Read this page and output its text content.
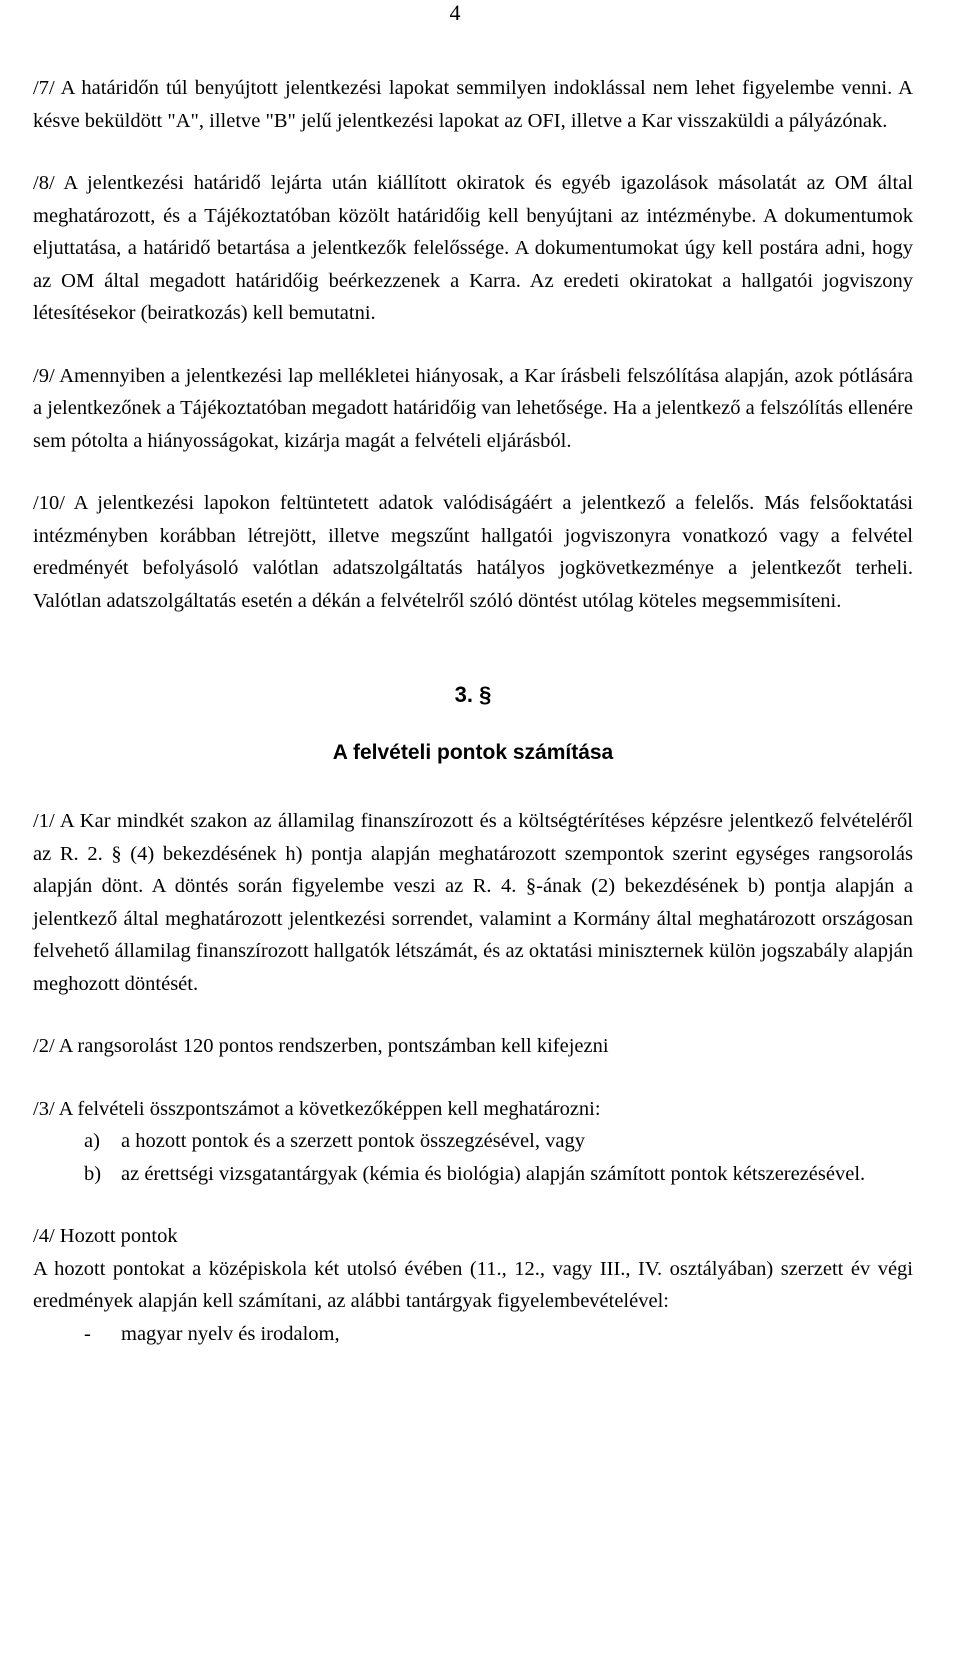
4

/7/ A határidőn túl benyújtott jelentkezési lapokat semmilyen indoklással nem lehet figyelembe venni. A késve beküldött "A", illetve "B" jelű jelentkezési lapokat az OFI, illetve a Kar visszaküldi a pályázónak.

/8/ A jelentkezési határidő lejárta után kiállított okiratok és egyéb igazolások másolatát az OM által meghatározott, és a Tájékoztatóban közölt határidőig kell benyújtani az intézménybe. A dokumentumok eljuttatása, a határidő betartása a jelentkezők felelőssége. A dokumentumokat úgy kell postára adni, hogy az OM által megadott határidőig beérkezzenek a Karra. Az eredeti okiratokat a hallgatói jogviszony létesítésekor (beiratkozás) kell bemutatni.

/9/ Amennyiben a jelentkezési lap mellékletei hiányosak, a Kar írásbeli felszólítása alapján, azok pótlására a jelentkezőnek a Tájékoztatóban megadott határidőig van lehetősége. Ha a jelentkező a felszólítás ellenére sem pótolta a hiányosságokat, kizárja magát a felvételi eljárásból.

/10/ A jelentkezési lapokon feltüntetett adatok valódiságáért a jelentkező a felelős. Más felsőoktatási intézményben korábban létrejött, illetve megszűnt hallgatói jogviszonyra vonatkozó vagy a felvétel eredményét befolyásoló valótlan adatszolgáltatás hatályos jogkövetkezménye a jelentkezőt terheli. Valótlan adatszolgáltatás esetén a dékán a felvételről szóló döntést utólag köteles megsemmisíteni.

3. §
A felvételi pontok számítása

/1/ A Kar mindkét szakon az államilag finanszírozott és a költségtérítéses képzésre jelentkező felvételéről az R. 2. § (4) bekezdésének h) pontja alapján meghatározott szempontok szerint egységes rangsorolás alapján dönt. A döntés során figyelembe veszi az R. 4. §-ának (2) bekezdésének b) pontja alapján a jelentkező által meghatározott jelentkezési sorrendet, valamint a Kormány által meghatározott országosan felvehető államilag finanszírozott hallgatók létszámát, és az oktatási miniszternek külön jogszabály alapján meghozott döntését.

/2/ A rangsorolást 120 pontos rendszerben, pontszámban kell kifejezni

/3/ A felvételi összpontszámot a következőképpen kell meghatározni:

a) a hozott pontok és a szerzett pontok összegzésével, vagy
b) az érettségi vizsgatantárgyak (kémia és biológia) alapján számított pontok kétszerezésével.

/4/ Hozott pontok

A hozott pontokat a középiskola két utolsó évében (11., 12., vagy III., IV. osztályában) szerzett év végi eredmények alapján kell számítani, az alábbi tantárgyak figyelembevételével:

- magyar nyelv és irodalom,
